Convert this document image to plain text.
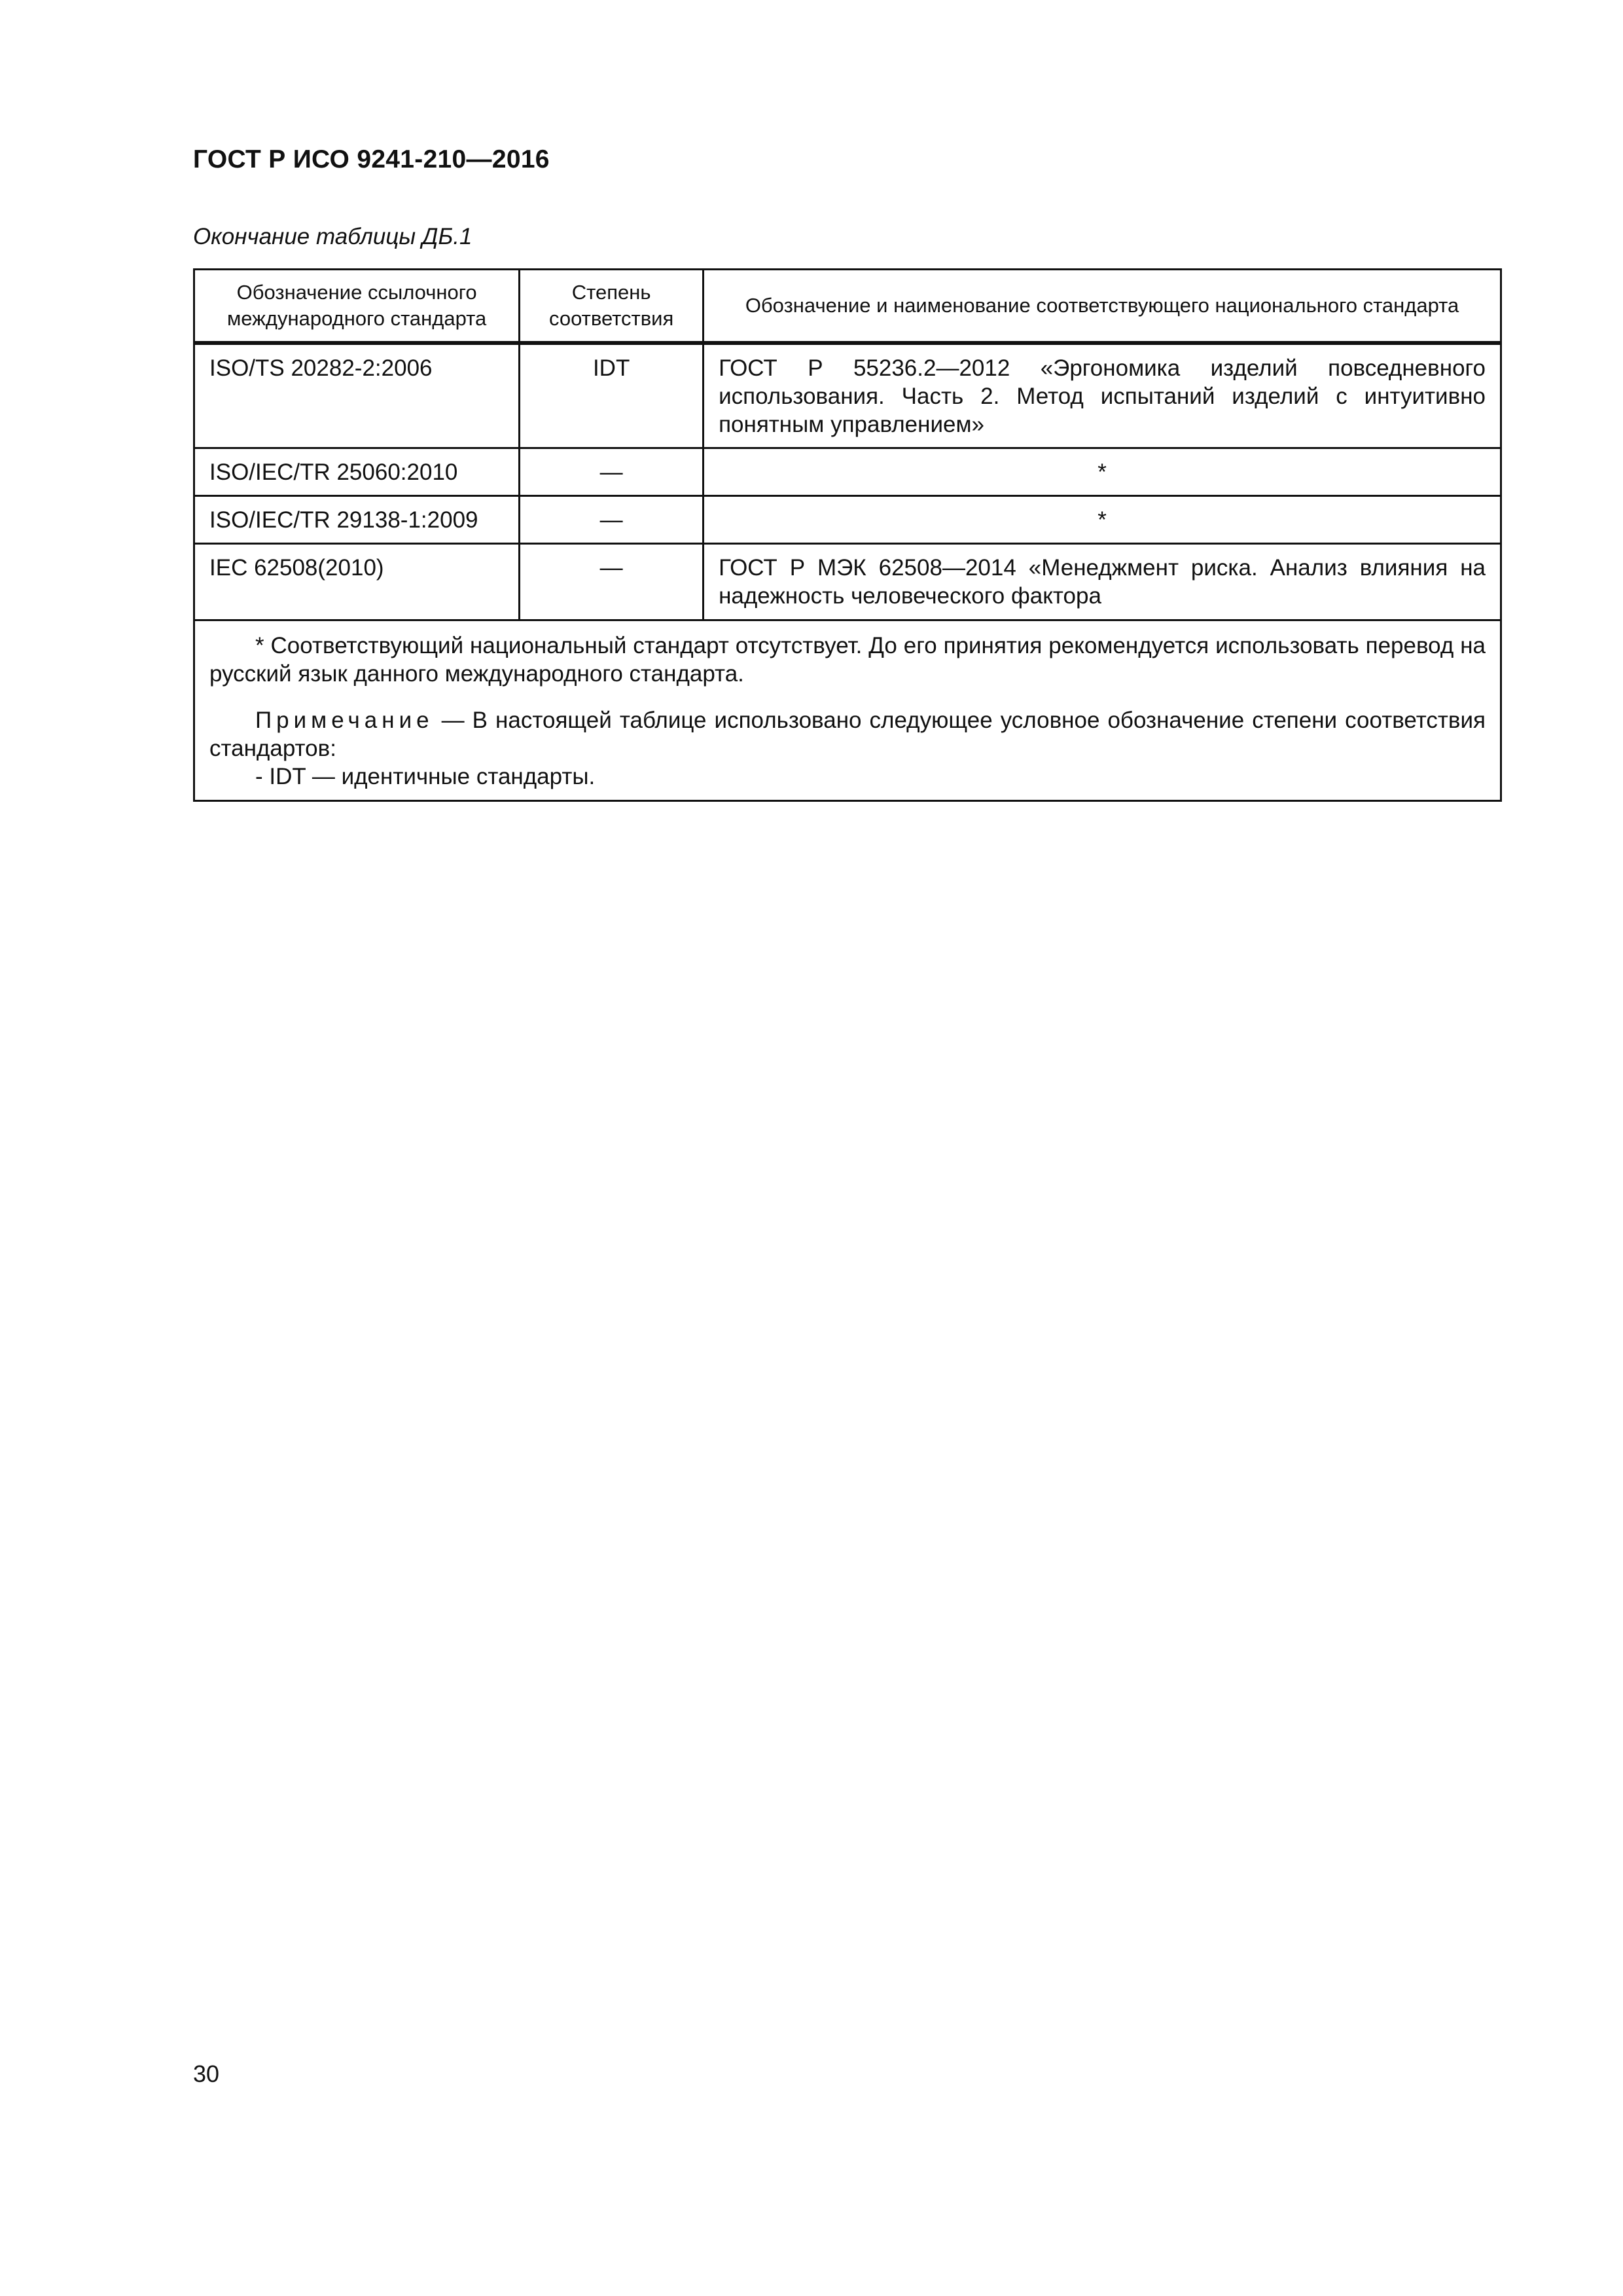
ГОСТ Р ИСО 9241-210—2016
Окончание таблицы ДБ.1
Обозначение ссылочного международного стандарта	Степень соответствия	Обозначение и наименование соответствующего национального стандарта
ISO/TS 20282-2:2006	IDT	ГОСТ Р 55236.2—2012 «Эргономика изделий повседневного использования. Часть 2. Метод испытаний изделий с интуитивно понятным управлением»
ISO/IEC/TR 25060:2010	—	*
ISO/IEC/TR 29138-1:2009	—	*
IEC 62508(2010)	—	ГОСТ Р МЭК 62508—2014 «Менеджмент риска. Анализ влияния на надежность человеческого фактора

* Соответствующий национальный стандарт отсутствует. До его принятия рекомендуется использовать перевод на русский язык данного международного стандарта.

Примечание — В настоящей таблице использовано следующее условное обозначение степени соответствия стандартов:

- IDT — идентичные стандарты.		

30
